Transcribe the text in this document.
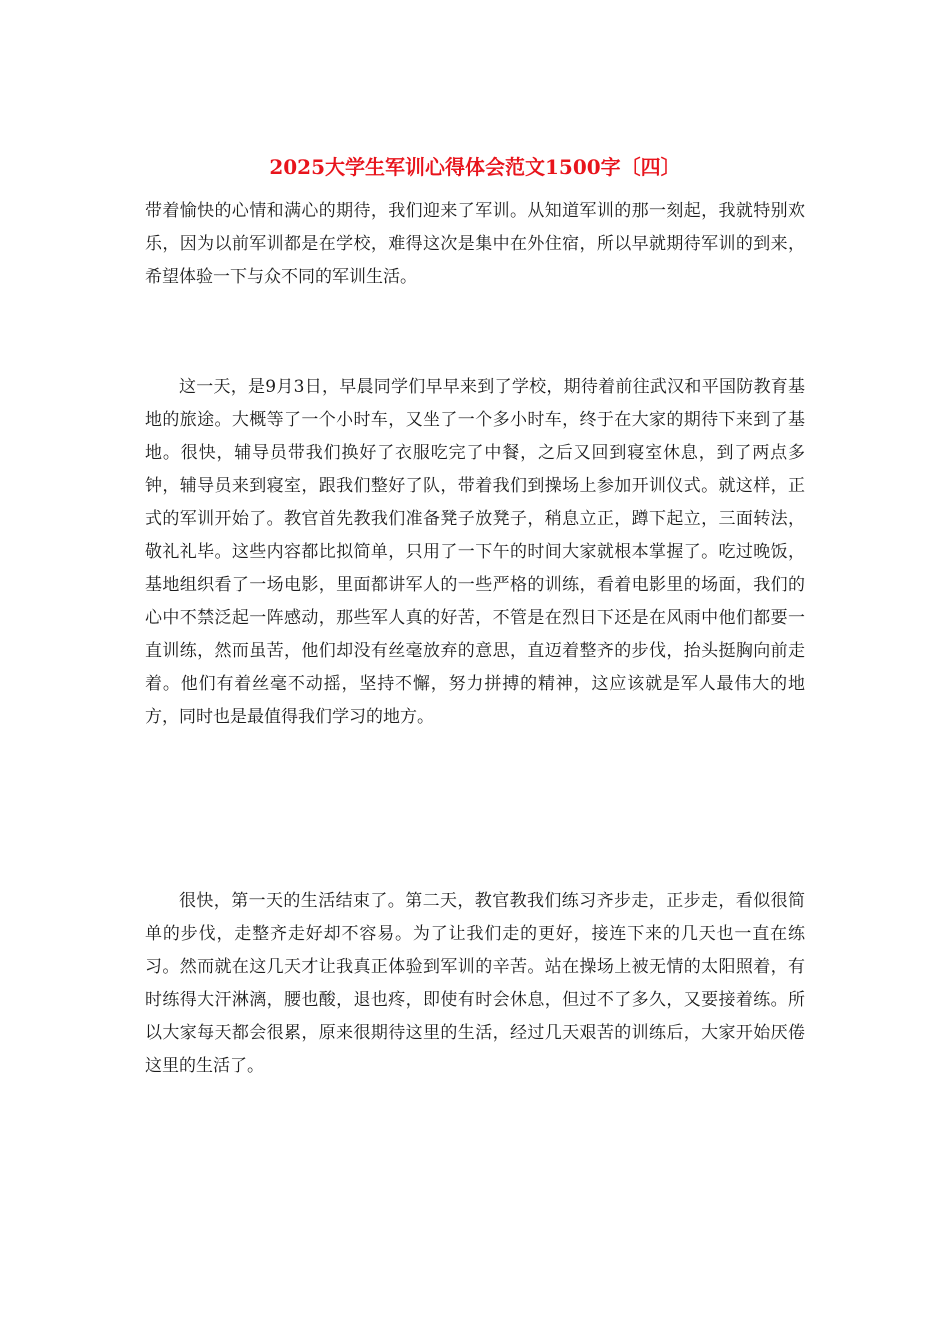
2025大学生军训心得体会范文1500字〔四〕

带着愉快的心情和满心的期待，我们迎来了军训。从知道军训的那一刻起，我就特别欢乐，因为以前军训都是在学校，难得这次是集中在外住宿，所以早就期待军训的到来，希望体验一下与众不同的军训生活。

这一天，是9月3日，早晨同学们早早来到了学校，期待着前往武汉和平国防教育基地的旅途。大概等了一个小时车，又坐了一个多小时车，终于在大家的期待下来到了基地。很快，辅导员带我们换好了衣服吃完了中餐，之后又回到寝室休息，到了两点多钟，辅导员来到寝室，跟我们整好了队，带着我们到操场上参加开训仪式。就这样，正式的军训开始了。教官首先教我们准备凳子放凳子，稍息立正，蹲下起立，三面转法，敬礼礼毕。这些内容都比拟简单，只用了一下午的时间大家就根本掌握了。吃过晚饭，基地组织看了一场电影，里面都讲军人的一些严格的训练，看着电影里的场面，我们的心中不禁泛起一阵感动，那些军人真的好苦，不管是在烈日下还是在风雨中他们都要一直训练，然而虽苦，他们却没有丝毫放弃的意思，直迈着整齐的步伐，抬头挺胸向前走着。他们有着丝毫不动摇，坚持不懈，努力拼搏的精神，这应该就是军人最伟大的地方，同时也是最值得我们学习的地方。

很快，第一天的生活结束了。第二天，教官教我们练习齐步走，正步走，看似很简单的步伐，走整齐走好却不容易。为了让我们走的更好，接连下来的几天也一直在练习。然而就在这几天才让我真正体验到军训的辛苦。站在操场上被无情的太阳照着，有时练得大汗淋漓，腰也酸，退也疼，即使有时会休息，但过不了多久，又要接着练。所以大家每天都会很累，原来很期待这里的生活，经过几天艰苦的训练后，大家开始厌倦这里的生活了。
